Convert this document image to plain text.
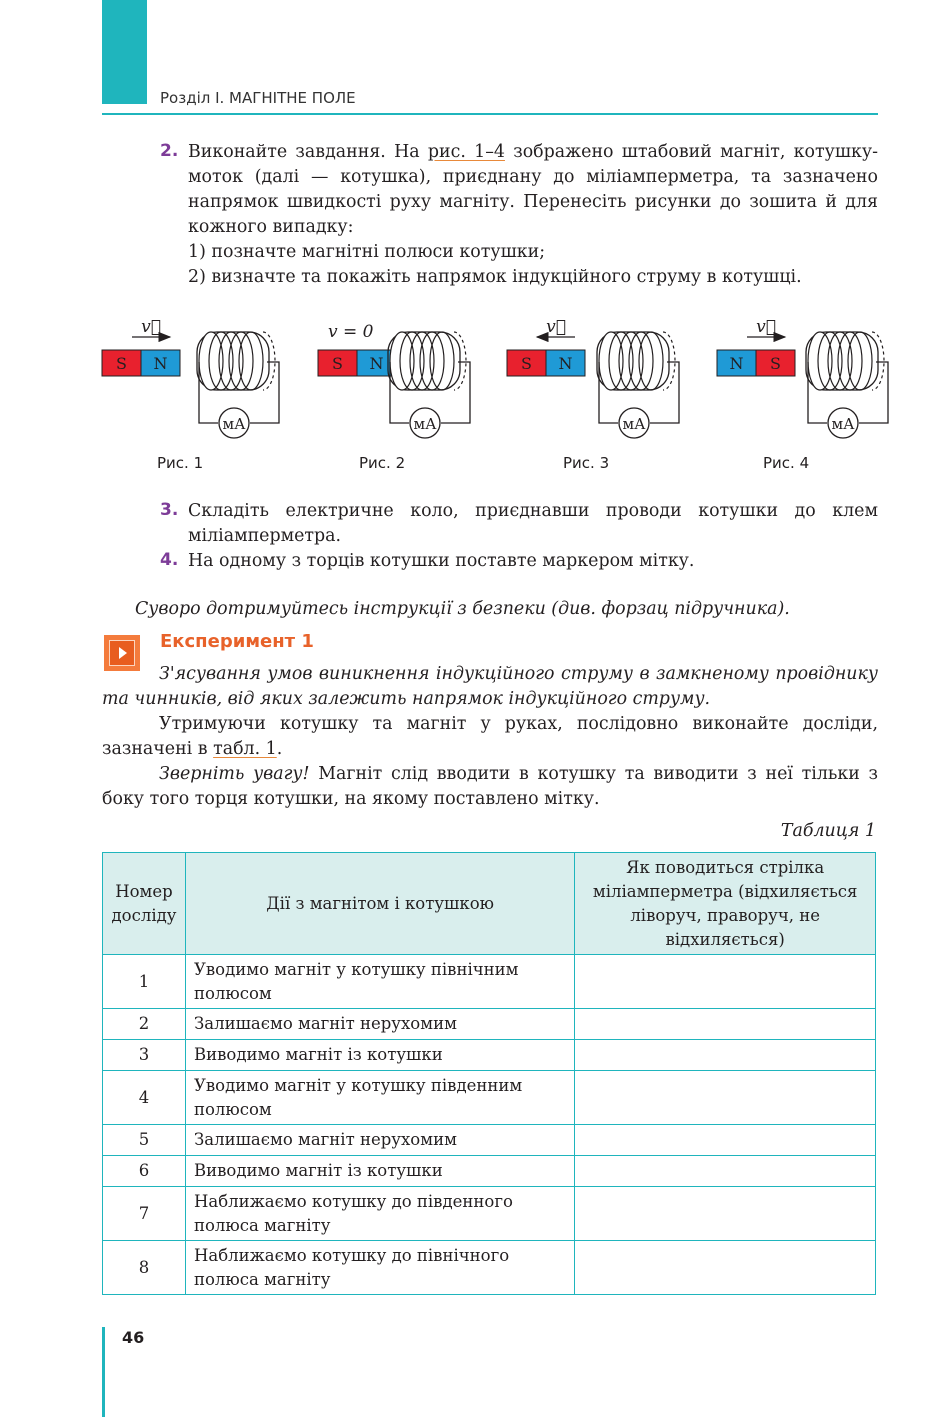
Розділ I. МАГНІТНЕ ПОЛЕ
2. Виконайте завдання. На рис. 1–4 зображено штабовий магніт, котушку-моток (далі — котушка), приєднану до міліамперметра, та зазначено напрямок швидкості руху магніту. Перенесіть рисунки до зошита й для кожного випадку:
1) позначте магнітні полюси котушки;
2) визначте та покажіть напрямок індукційного струму в котушці.
S N
v⃗
мА
Рис. 1
S N
v = 0
мА
Рис. 2
S N
v⃗
мА
Рис. 3
N S
v⃗
мА
Рис. 4
3. Складіть електричне коло, приєднавши проводи котушки до клем міліамперметра.
4. На одному з торців котушки поставте маркером мітку.
Суворо дотримуйтесь інструкції з безпеки (див. форзац підручника).
Експеримент 1
З'ясування умов виникнення індукційного струму в замкненому провіднику та чинників, від яких залежить напрямок індукційного струму.
Утримуючи котушку та магніт у руках, послідовно виконайте досліди, зазначені в табл. 1.
Зверніть увагу! Магніт слід вводити в котушку та виводити з неї тільки з боку того торця котушки, на якому поставлено мітку.
Таблиця 1
Номер досліду	Дії з магнітом і котушкою	Як поводиться стрілка міліамперметра (відхиляється ліворуч, праворуч, не відхиляється)
1	Уводимо магніт у котушку північним полюсом	
2	Залишаємо магніт нерухомим	
3	Виводимо магніт із котушки	
4	Уводимо магніт у котушку південним полюсом	
5	Залишаємо магніт нерухомим	
6	Виводимо магніт із котушки	
7	Наближаємо котушку до південного полюса магніту	
8	Наближаємо котушку до північного полюса магніту	
46
